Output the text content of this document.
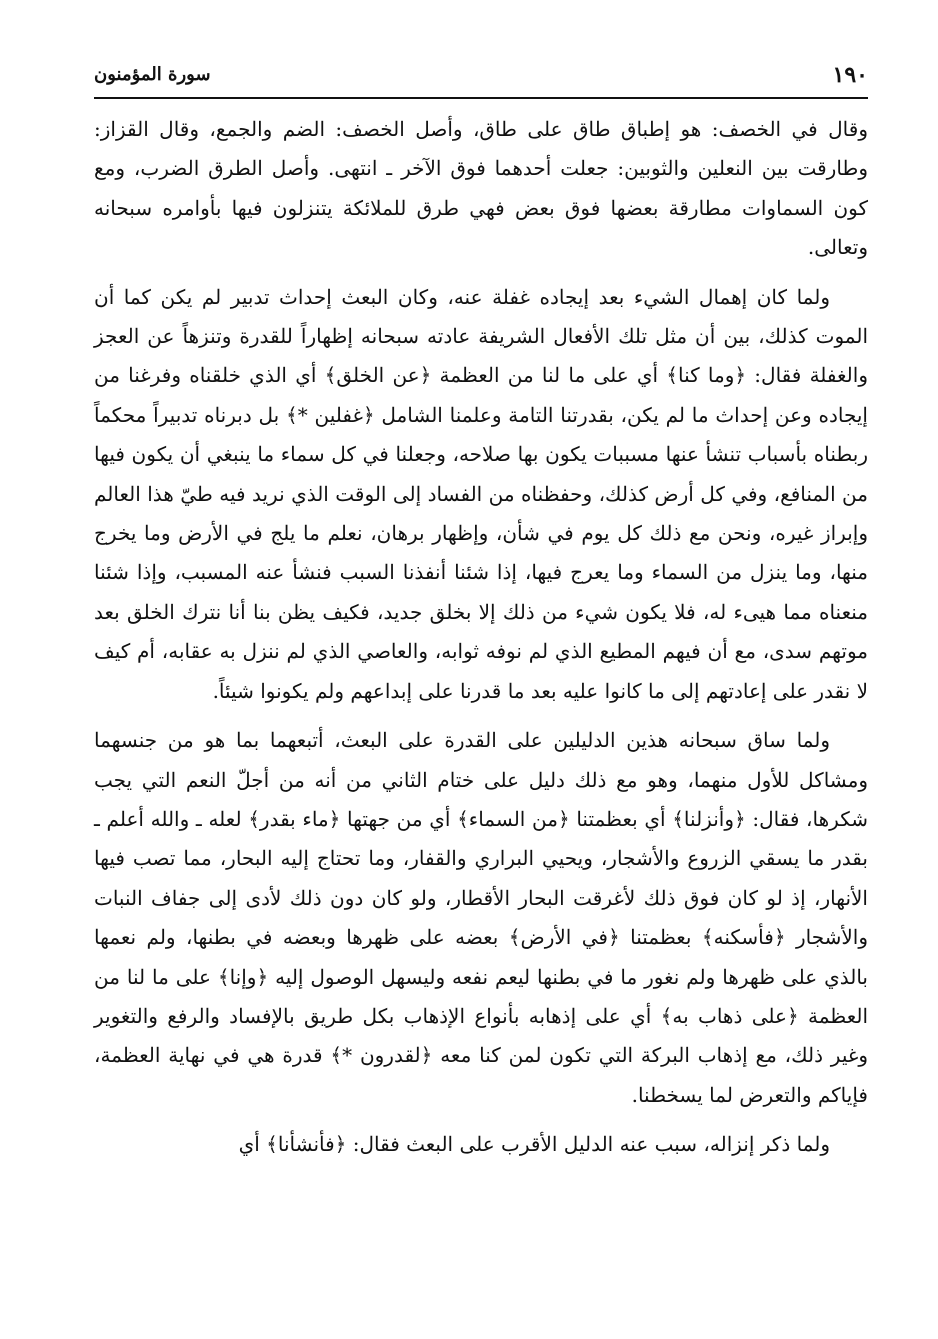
١٩٠
سورة المؤمنون

وقال في الخصف: هو إطباق طاق على طاق، وأصل الخصف: الضم والجمع، وقال القزاز: وطارقت بين النعلين والثوبين: جعلت أحدهما فوق الآخر ـ انتهى. وأصل الطرق الضرب، ومع كون السماوات مطارقة بعضها فوق بعض فهي طرق للملائكة يتنزلون فيها بأوامره سبحانه وتعالى.

ولما كان إهمال الشيء بعد إيجاده غفلة عنه، وكان البعث إحداث تدبير لم يكن كما أن الموت كذلك، بين أن مثل تلك الأفعال الشريفة عادته سبحانه إظهاراً للقدرة وتنزهاً عن العجز والغفلة فقال: ﴿وما كنا﴾ أي على ما لنا من العظمة ﴿عن الخلق﴾ أي الذي خلقناه وفرغنا من إيجاده وعن إحداث ما لم يكن، بقدرتنا التامة وعلمنا الشامل ﴿غفلين *﴾ بل دبرناه تدبيراً محكماً ربطناه بأسباب تنشأ عنها مسببات يكون بها صلاحه، وجعلنا في كل سماء ما ينبغي أن يكون فيها من المنافع، وفي كل أرض كذلك، وحفظناه من الفساد إلى الوقت الذي نريد فيه طيّ هذا العالم وإبراز غيره، ونحن مع ذلك كل يوم في شأن، وإظهار برهان، نعلم ما يلج في الأرض وما يخرج منها، وما ينزل من السماء وما يعرج فيها، إذا شئنا أنفذنا السبب فنشأ عنه المسبب، وإذا شئنا منعناه مما هيىء له، فلا يكون شيء من ذلك إلا بخلق جديد، فكيف يظن بنا أنا نترك الخلق بعد موتهم سدى، مع أن فيهم المطيع الذي لم نوفه ثوابه، والعاصي الذي لم ننزل به عقابه، أم كيف لا نقدر على إعادتهم إلى ما كانوا عليه بعد ما قدرنا على إبداعهم ولم يكونوا شيئاً.

ولما ساق سبحانه هذين الدليلين على القدرة على البعث، أتبعهما بما هو من جنسهما ومشاكل للأول منهما، وهو مع ذلك دليل على ختام الثاني من أنه من أجلّ النعم التي يجب شكرها، فقال: ﴿وأنزلنا﴾ أي بعظمتنا ﴿من السماء﴾ أي من جهتها ﴿ماء بقدر﴾ لعله ـ والله أعلم ـ بقدر ما يسقي الزروع والأشجار، ويحيي البراري والقفار، وما تحتاج إليه البحار، مما تصب فيها الأنهار، إذ لو كان فوق ذلك لأغرقت البحار الأقطار، ولو كان دون ذلك لأدى إلى جفاف النبات والأشجار ﴿فأسكنه﴾ بعظمتنا ﴿في الأرض﴾ بعضه على ظهرها وبعضه في بطنها، ولم نعمها بالذي على ظهرها ولم نغور ما في بطنها ليعم نفعه وليسهل الوصول إليه ﴿وإنا﴾ على ما لنا من العظمة ﴿على ذهاب به﴾ أي على إذهابه بأنواع الإذهاب بكل طريق بالإفساد والرفع والتغوير وغير ذلك، مع إذهاب البركة التي تكون لمن كنا معه ﴿لقدرون *﴾ قدرة هي في نهاية العظمة، فإياكم والتعرض لما يسخطنا.

ولما ذكر إنزاله، سبب عنه الدليل الأقرب على البعث فقال: ﴿فأنشأنا﴾ أي
